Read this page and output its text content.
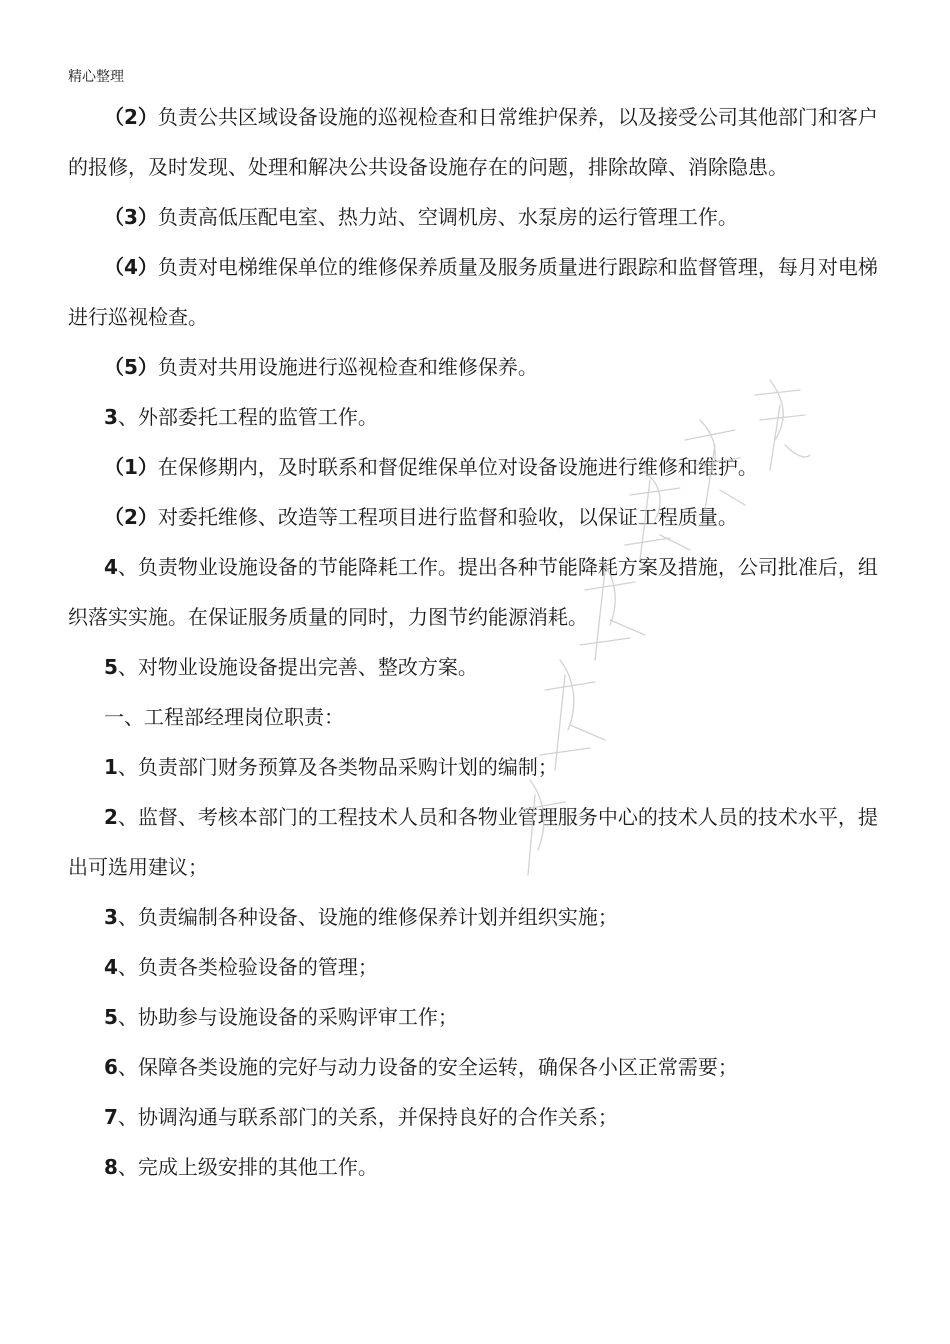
精心整理

（2）负责公共区域设备设施的巡视检查和日常维护保养，以及接受公司其他部门和客户的报修，及时发现、处理和解决公共设备设施存在的问题，排除故障、消除隐患。

（3）负责高低压配电室、热力站、空调机房、水泵房的运行管理工作。

（4）负责对电梯维保单位的维修保养质量及服务质量进行跟踪和监督管理，每月对电梯进行巡视检查。

（5）负责对共用设施进行巡视检查和维修保养。

3、外部委托工程的监管工作。

（1）在保修期内，及时联系和督促维保单位对设备设施进行维修和维护。

（2）对委托维修、改造等工程项目进行监督和验收，以保证工程质量。

4、负责物业设施设备的节能降耗工作。提出各种节能降耗方案及措施，公司批准后，组织落实实施。在保证服务质量的同时，力图节约能源消耗。

5、对物业设施设备提出完善、整改方案。

一、工程部经理岗位职责：

1、负责部门财务预算及各类物品采购计划的编制；

2、监督、考核本部门的工程技术人员和各物业管理服务中心的技术人员的技术水平，提出可选用建议；

3、负责编制各种设备、设施的维修保养计划并组织实施；

4、负责各类检验设备的管理；

5、协助参与设施设备的采购评审工作；

6、保障各类设施的完好与动力设备的安全运转，确保各小区正常需要；

7、协调沟通与联系部门的关系，并保持良好的合作关系；

8、完成上级安排的其他工作。
